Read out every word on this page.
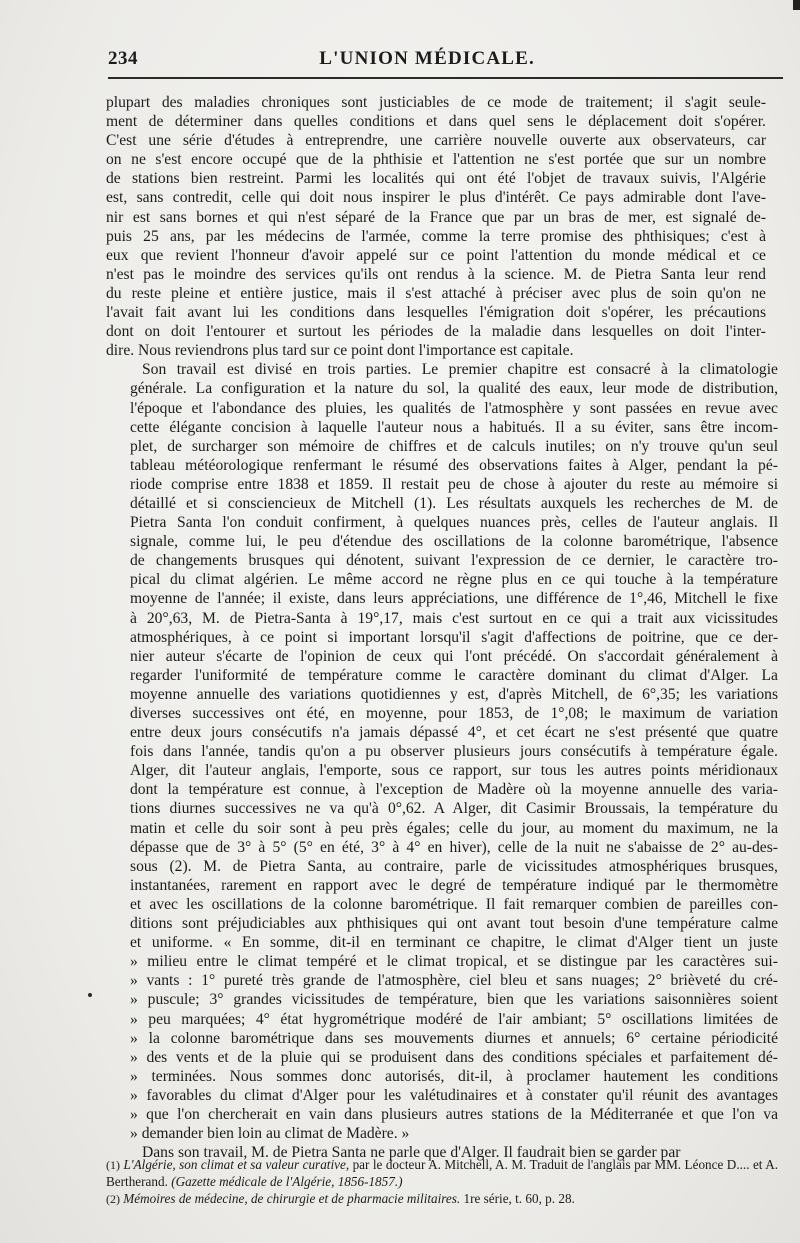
234	L'UNION MÉDICALE.

plupart des maladies chroniques sont justiciables de ce mode de traitement; il s'agit seule-
ment de déterminer dans quelles conditions et dans quel sens le déplacement doit s'opérer.
C'est une série d'études à entreprendre, une carrière nouvelle ouverte aux observateurs, car
on ne s'est encore occupé que de la phthisie et l'attention ne s'est portée que sur un nombre
de stations bien restreint. Parmi les localités qui ont été l'objet de travaux suivis, l'Algérie
est, sans contredit, celle qui doit nous inspirer le plus d'intérêt. Ce pays admirable dont l'ave-
nir est sans bornes et qui n'est séparé de la France que par un bras de mer, est signalé de-
puis 25 ans, par les médecins de l'armée, comme la terre promise des phthisiques; c'est à
eux que revient l'honneur d'avoir appelé sur ce point l'attention du monde médical et ce
n'est pas le moindre des services qu'ils ont rendus à la science. M. de Pietra Santa leur rend
du reste pleine et entière justice, mais il s'est attaché à préciser avec plus de soin qu'on ne
l'avait fait avant lui les conditions dans lesquelles l'émigration doit s'opérer, les précautions
dont on doit l'entourer et surtout les périodes de la maladie dans lesquelles on doit l'inter-
dire. Nous reviendrons plus tard sur ce point dont l'importance est capitale.

Son travail est divisé en trois parties. Le premier chapitre est consacré à la climatologie
générale. La configuration et la nature du sol, la qualité des eaux, leur mode de distribution,
l'époque et l'abondance des pluies, les qualités de l'atmosphère y sont passées en revue avec
cette élégante concision à laquelle l'auteur nous a habitués. Il a su éviter, sans être incom-
plet, de surcharger son mémoire de chiffres et de calculs inutiles; on n'y trouve qu'un seul
tableau météorologique renfermant le résumé des observations faites à Alger, pendant la pé-
riode comprise entre 1838 et 1859. Il restait peu de chose à ajouter du reste au mémoire si
détaillé et si consciencieux de Mitchell (1). Les résultats auxquels les recherches de M. de
Pietra Santa l'on conduit confirment, à quelques nuances près, celles de l'auteur anglais. Il
signale, comme lui, le peu d'étendue des oscillations de la colonne barométrique, l'absence
de changements brusques qui dénotent, suivant l'expression de ce dernier, le caractère tro-
pical du climat algérien. Le même accord ne règne plus en ce qui touche à la température
moyenne de l'année; il existe, dans leurs appréciations, une différence de 1°,46, Mitchell le fixe
à 20°,63, M. de Pietra-Santa à 19°,17, mais c'est surtout en ce qui a trait aux vicissitudes
atmosphériques, à ce point si important lorsqu'il s'agit d'affections de poitrine, que ce der-
nier auteur s'écarte de l'opinion de ceux qui l'ont précédé. On s'accordait généralement à
regarder l'uniformité de température comme le caractère dominant du climat d'Alger. La
moyenne annuelle des variations quotidiennes y est, d'après Mitchell, de 6°,35; les variations
diverses successives ont été, en moyenne, pour 1853, de 1°,08; le maximum de variation
entre deux jours consécutifs n'a jamais dépassé 4°, et cet écart ne s'est présenté que quatre
fois dans l'année, tandis qu'on a pu observer plusieurs jours consécutifs à température égale.
Alger, dit l'auteur anglais, l'emporte, sous ce rapport, sur tous les autres points méridionaux
dont la température est connue, à l'exception de Madère où la moyenne annuelle des varia-
tions diurnes successives ne va qu'à 0°,62. A Alger, dit Casimir Broussais, la température du
matin et celle du soir sont à peu près égales; celle du jour, au moment du maximum, ne la
dépasse que de 3° à 5° (5° en été, 3° à 4° en hiver), celle de la nuit ne s'abaisse de 2° au-des-
sous (2). M. de Pietra Santa, au contraire, parle de vicissitudes atmosphériques brusques,
instantanées, rarement en rapport avec le degré de température indiqué par le thermomètre
et avec les oscillations de la colonne barométrique. Il fait remarquer combien de pareilles con-
ditions sont préjudiciables aux phthisiques qui ont avant tout besoin d'une température calme
et uniforme. « En somme, dit-il en terminant ce chapitre, le climat d'Alger tient un juste
» milieu entre le climat tempéré et le climat tropical, et se distingue par les caractères sui-
» vants : 1° pureté très grande de l'atmosphère, ciel bleu et sans nuages; 2° brièveté du cré-
» puscule; 3° grandes vicissitudes de température, bien que les variations saisonnières soient
» peu marquées; 4° état hygrométrique modéré de l'air ambiant; 5° oscillations limitées de
» la colonne barométrique dans ses mouvements diurnes et annuels; 6° certaine périodicité
» des vents et de la pluie qui se produisent dans des conditions spéciales et parfaitement dé-
» terminées. Nous sommes donc autorisés, dit-il, à proclamer hautement les conditions
» favorables du climat d'Alger pour les valétudinaires et à constater qu'il réunit des avantages
» que l'on chercherait en vain dans plusieurs autres stations de la Méditerranée et que l'on va
» demander bien loin au climat de Madère. »

Dans son travail, M. de Pietra Santa ne parle que d'Alger. Il faudrait bien se garder par

(1) L'Algérie, son climat et sa valeur curative, par le docteur A. Mitchell, A. M. Traduit de l'anglais par MM. Léonce D.... et A. Bertherand. (Gazette médicale de l'Algérie, 1856-1857.)

(2) Mémoires de médecine, de chirurgie et de pharmacie militaires. 1re série, t. 60, p. 28.
